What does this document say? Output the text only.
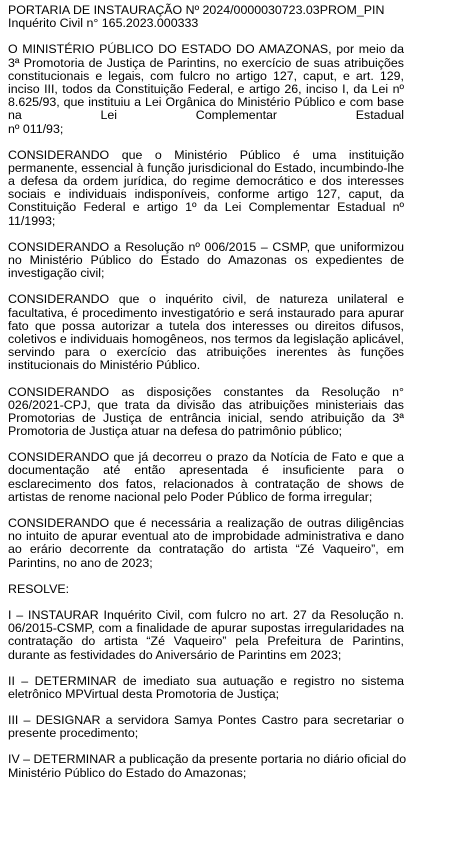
PORTARIA DE INSTAURAÇÃO Nº 2024/0000030723.03PROM_PIN
Inquérito Civil n° 165.2023.000333
O MINISTÉRIO PÚBLICO DO ESTADO DO AMAZONAS, por meio da
3ª Promotoria de Justiça de Parintins, no exercício de suas atribuições
constitucionais e legais, com fulcro no artigo 127, caput, e art. 129,
inciso III, todos da Constituição Federal, e artigo 26, inciso I, da Lei nº
8.625/93, que instituiu a Lei Orgânica do Ministério Público e com base
na Lei Complementar Estadual
nº 011/93;
CONSIDERANDO que o Ministério Público é uma instituição
permanente, essencial à função jurisdicional do Estado, incumbindo-lhe
a defesa da ordem jurídica, do regime democrático e dos interesses
sociais e individuais indisponíveis, conforme artigo 127, caput, da
Constituição Federal e artigo 1º da Lei Complementar Estadual nº
11/1993;
CONSIDERANDO a Resolução nº 006/2015 – CSMP, que uniformizou
no Ministério Público do Estado do Amazonas os expedientes de
investigação civil;
CONSIDERANDO que o inquérito civil, de natureza unilateral e
facultativa, é procedimento investigatório e será instaurado para apurar
fato que possa autorizar a tutela dos interesses ou direitos difusos,
coletivos e individuais homogêneos, nos termos da legislação aplicável,
servindo para o exercício das atribuições inerentes às funções
institucionais do Ministério Público.
CONSIDERANDO as disposições constantes da Resolução n°
026/2021-CPJ, que trata da divisão das atribuições ministeriais das
Promotorias de Justiça de entrância inicial, sendo atribuição da 3ª
Promotoria de Justiça atuar na defesa do patrimônio público;
CONSIDERANDO que já decorreu o prazo da Notícia de Fato e que a
documentação até então apresentada é insuficiente para o
esclarecimento dos fatos, relacionados à contratação de shows de
artistas de renome nacional pelo Poder Público de forma irregular;
CONSIDERANDO que é necessária a realização de outras diligências
no intuito de apurar eventual ato de improbidade administrativa e dano
ao erário decorrente da contratação do artista “Zé Vaqueiro”, em
Parintins, no ano de 2023;
RESOLVE:
I – INSTAURAR Inquérito Civil, com fulcro no art. 27 da Resolução n.
06/2015-CSMP, com a finalidade de apurar supostas irregularidades na
contratação do artista “Zé Vaqueiro” pela Prefeitura de Parintins,
durante as festividades do Aniversário de Parintins em 2023;
II – DETERMINAR de imediato sua autuação e registro no sistema
eletrônico MPVirtual desta Promotoria de Justiça;
III – DESIGNAR a servidora Samya Pontes Castro para secretariar o
presente procedimento;
IV – DETERMINAR a publicação da presente portaria no diário oficial do
Ministério Público do Estado do Amazonas;
